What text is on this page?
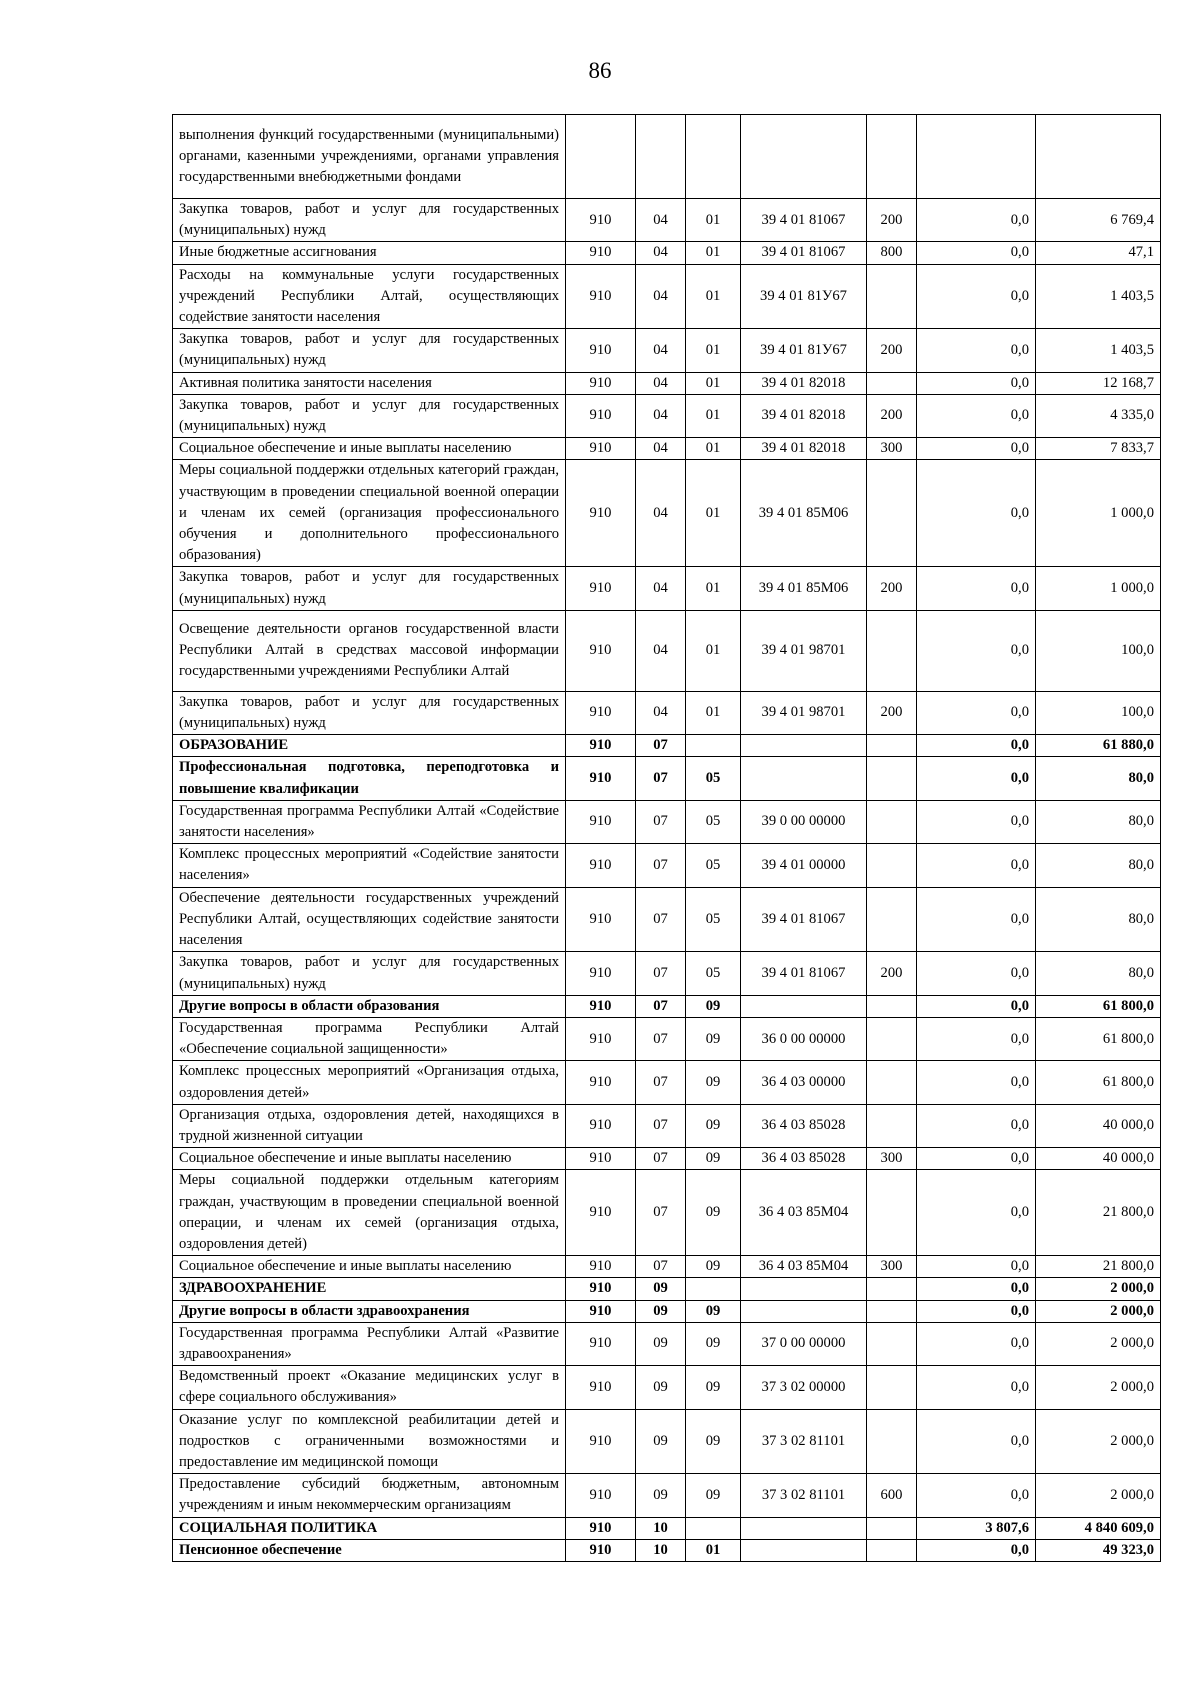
86
выполнения функций государственными (муниципальными) органами, казенными учреждениями, органами управления государственными внебюджетными фондами							
Закупка товаров, работ и услуг для государственных (муниципальных) нужд	910	04	01	39 4 01 81067	200	0,0	6 769,4
Иные бюджетные ассигнования	910	04	01	39 4 01 81067	800	0,0	47,1
Расходы на коммунальные услуги государственных учреждений Республики Алтай, осуществляющих содействие занятости населения	910	04	01	39 4 01 81У67		0,0	1 403,5
Закупка товаров, работ и услуг для государственных (муниципальных) нужд	910	04	01	39 4 01 81У67	200	0,0	1 403,5
Активная политика занятости населения	910	04	01	39 4 01 82018		0,0	12 168,7
Закупка товаров, работ и услуг для государственных (муниципальных) нужд	910	04	01	39 4 01 82018	200	0,0	4 335,0
Социальное обеспечение и иные выплаты населению	910	04	01	39 4 01 82018	300	0,0	7 833,7
Меры социальной поддержки отдельных категорий граждан, участвующим в проведении специальной военной операции и членам их семей (организация профессионального обучения и дополнительного профессионального образования)	910	04	01	39 4 01 85М06		0,0	1 000,0
Закупка товаров, работ и услуг для государственных (муниципальных) нужд	910	04	01	39 4 01 85М06	200	0,0	1 000,0
Освещение деятельности органов государственной власти Республики Алтай в средствах массовой информации государственными учреждениями Республики Алтай	910	04	01	39 4 01 98701		0,0	100,0
Закупка товаров, работ и услуг для государственных (муниципальных) нужд	910	04	01	39 4 01 98701	200	0,0	100,0
ОБРАЗОВАНИЕ	910	07				0,0	61 880,0
Профессиональная подготовка, переподготовка и повышение квалификации	910	07	05			0,0	80,0
Государственная программа Республики Алтай «Содействие занятости населения»	910	07	05	39 0 00 00000		0,0	80,0
Комплекс процессных мероприятий «Содействие занятости населения»	910	07	05	39 4 01 00000		0,0	80,0
Обеспечение деятельности государственных учреждений Республики Алтай, осуществляющих содействие занятости населения	910	07	05	39 4 01 81067		0,0	80,0
Закупка товаров, работ и услуг для государственных (муниципальных) нужд	910	07	05	39 4 01 81067	200	0,0	80,0
Другие вопросы в области образования	910	07	09			0,0	61 800,0
Государственная программа Республики Алтай «Обеспечение социальной защищенности»	910	07	09	36 0 00 00000		0,0	61 800,0
Комплекс процессных мероприятий «Организация отдыха, оздоровления детей»	910	07	09	36 4 03 00000		0,0	61 800,0
Организация отдыха, оздоровления детей, находящихся в трудной жизненной ситуации	910	07	09	36 4 03 85028		0,0	40 000,0
Социальное обеспечение и иные выплаты населению	910	07	09	36 4 03 85028	300	0,0	40 000,0
Меры социальной поддержки отдельным категориям граждан, участвующим в проведении специальной военной операции, и членам их семей (организация отдыха, оздоровления детей)	910	07	09	36 4 03 85М04		0,0	21 800,0
Социальное обеспечение и иные выплаты населению	910	07	09	36 4 03 85М04	300	0,0	21 800,0
ЗДРАВООХРАНЕНИЕ	910	09				0,0	2 000,0
Другие вопросы в области здравоохранения	910	09	09			0,0	2 000,0
Государственная программа Республики Алтай «Развитие здравоохранения»	910	09	09	37 0 00 00000		0,0	2 000,0
Ведомственный проект «Оказание медицинских услуг в сфере социального обслуживания»	910	09	09	37 3 02 00000		0,0	2 000,0
Оказание услуг по комплексной реабилитации детей и подростков с ограниченными возможностями и предоставление им медицинской помощи	910	09	09	37 3 02 81101		0,0	2 000,0
Предоставление субсидий бюджетным, автономным учреждениям и иным некоммерческим организациям	910	09	09	37 3 02 81101	600	0,0	2 000,0
СОЦИАЛЬНАЯ ПОЛИТИКА	910	10				3 807,6	4 840 609,0
Пенсионное обеспечение	910	10	01			0,0	49 323,0
